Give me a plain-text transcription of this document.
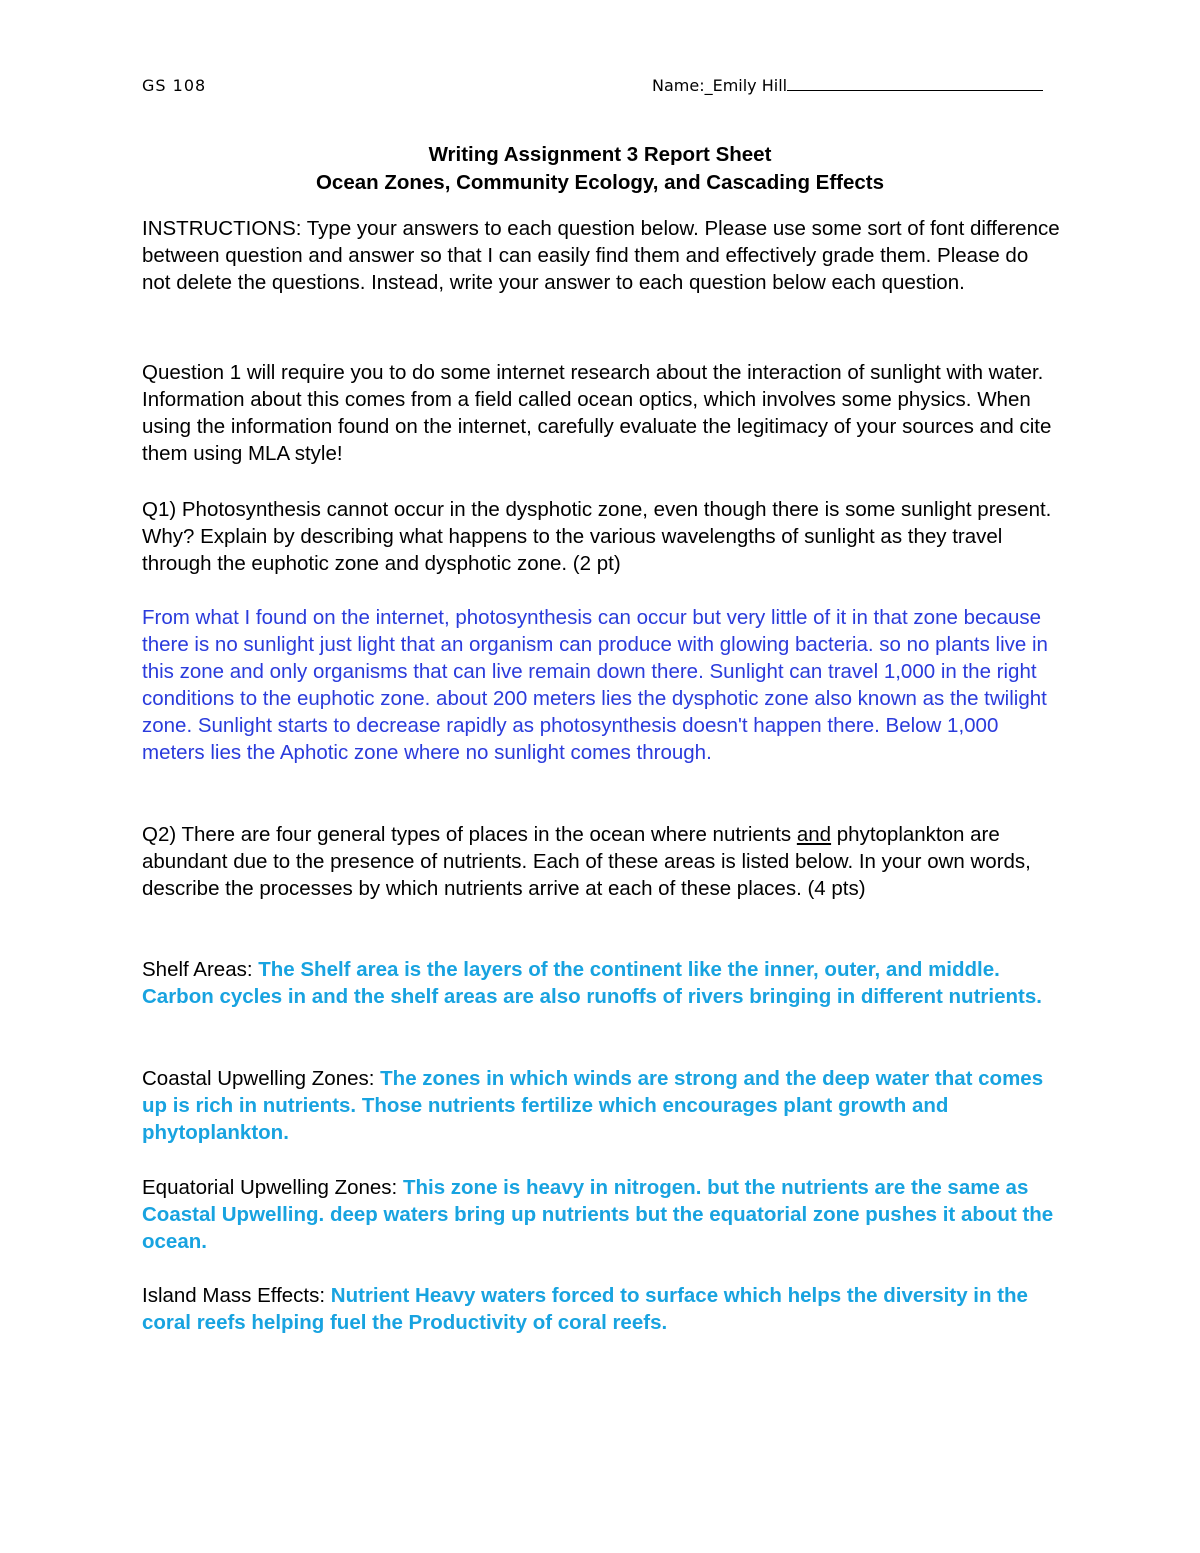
GS 108	Name:_Emily Hill
Writing Assignment 3 Report Sheet
Ocean Zones, Community Ecology, and Cascading Effects

INSTRUCTIONS: Type your answers to each question below. Please use some sort of font difference between question and answer so that I can easily find them and effectively grade them. Please do not delete the questions. Instead, write your answer to each question below each question.

Question 1 will require you to do some internet research about the interaction of sunlight with water. Information about this comes from a field called ocean optics, which involves some physics. When using the information found on the internet, carefully evaluate the legitimacy of your sources and cite them using MLA style!

Q1) Photosynthesis cannot occur in the dysphotic zone, even though there is some sunlight present. Why? Explain by describing what happens to the various wavelengths of sunlight as they travel through the euphotic zone and dysphotic zone. (2 pt)

From what I found on the internet, photosynthesis can occur but very little of it in that zone because there is no sunlight just light that an organism can produce with glowing bacteria. so no plants live in this zone and only organisms that can live remain down there. Sunlight can travel 1,000 in the right conditions to the euphotic zone. about 200 meters lies the dysphotic zone also known as the twilight zone. Sunlight starts to decrease rapidly as photosynthesis doesn't happen there. Below 1,000 meters lies the Aphotic zone where no sunlight comes through.

Q2) There are four general types of places in the ocean where nutrients and phytoplankton are abundant due to the presence of nutrients. Each of these areas is listed below. In your own words, describe the processes by which nutrients arrive at each of these places. (4 pts)

Shelf Areas: The Shelf area is the layers of the continent like the inner, outer, and middle. Carbon cycles in and the shelf areas are also runoffs of rivers bringing in different nutrients.

Coastal Upwelling Zones: The zones in which winds are strong and the deep water that comes up is rich in nutrients. Those nutrients fertilize which encourages plant growth and phytoplankton.

Equatorial Upwelling Zones: This zone is heavy in nitrogen. but the nutrients are the same as Coastal Upwelling. deep waters bring up nutrients but the equatorial zone pushes it about the ocean.

Island Mass Effects: Nutrient Heavy waters forced to surface which helps the diversity in the coral reefs helping fuel the Productivity of coral reefs.
